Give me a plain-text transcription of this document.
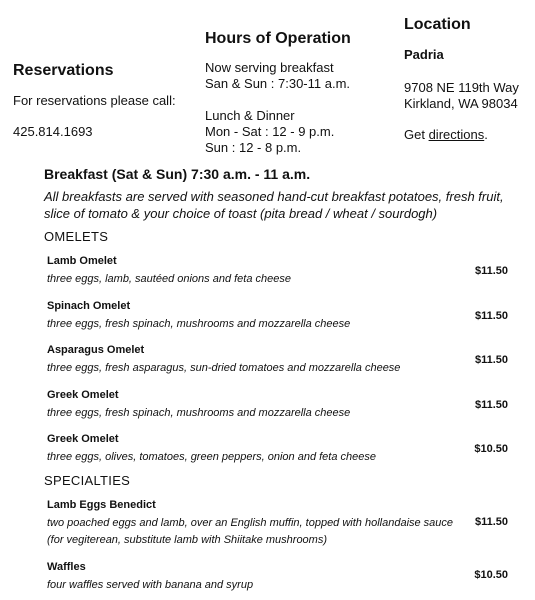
Reservations
For reservations please call:
425.814.1693
Hours of Operation
Now serving breakfast
San & Sun : 7:30-11 a.m.
Lunch & Dinner
Mon - Sat : 12 - 9 p.m.
Sun : 12 - 8 p.m.
Location
Padria
9708 NE 119th Way
Kirkland, WA 98034
Get directions.
Breakfast (Sat & Sun) 7:30 a.m. - 11 a.m.
All breakfasts are served with seasoned hand-cut breakfast potatoes, fresh fruit, slice of tomato & your choice of toast (pita bread / wheat / sourdogh)
OMELETS
Lamb Omelet
three eggs, lamb, sautéed onions and feta cheese
$11.50
Spinach Omelet
three eggs, fresh spinach, mushrooms and mozzarella cheese
$11.50
Asparagus Omelet
three eggs, fresh asparagus, sun-dried tomatoes and mozzarella cheese
$11.50
Greek Omelet
three eggs, fresh spinach, mushrooms and mozzarella cheese
$11.50
Greek Omelet
three eggs, olives, tomatoes, green peppers, onion and feta cheese
$10.50
SPECIALTIES
Lamb Eggs Benedict
two poached eggs and lamb, over an English muffin, topped with hollandaise sauce
(for vegiterean, substitute lamb with Shiitake mushrooms)
$11.50
Waffles
four waffles served with banana and syrup
$10.50
